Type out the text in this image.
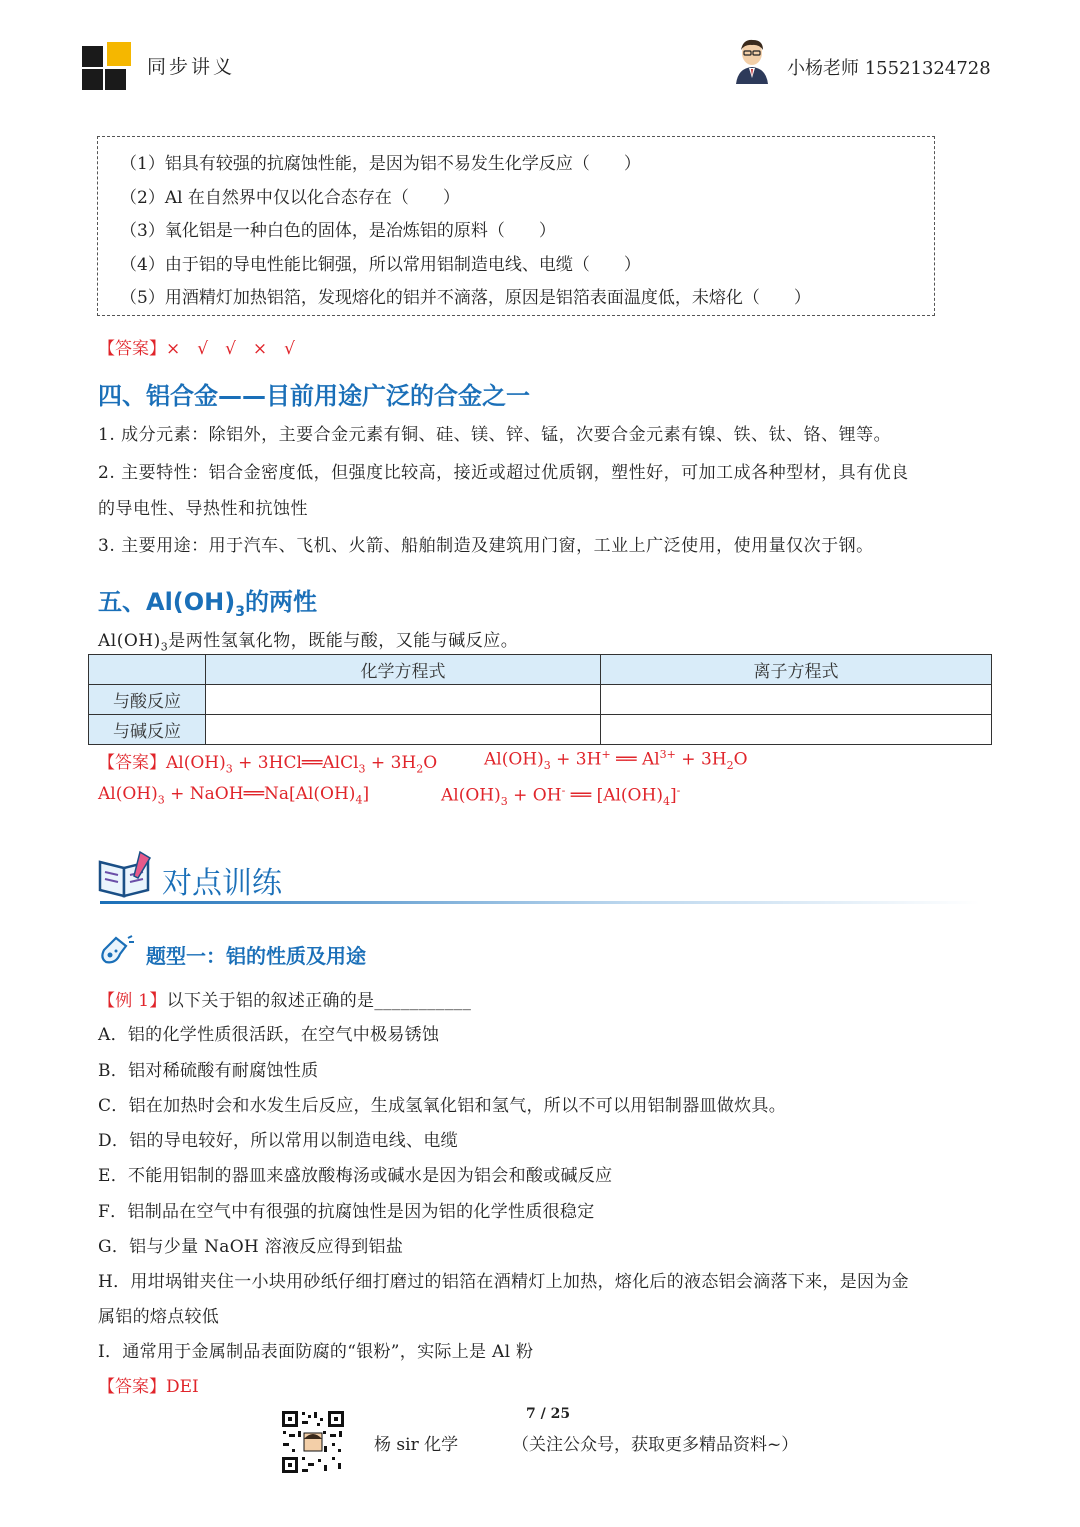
同步讲义	小杨老师 15521324728
（1）铝具有较强的抗腐蚀性能，是因为铝不易发生化学反应（　　）
（2）Al 在自然界中仅以化合态存在（　　）
（3）氧化铝是一种白色的固体，是冶炼铝的原料（　　）
（4）由于铝的导电性能比铜强，所以常用铝制造电线、电缆（　　）
（5）用酒精灯加热铝箔，发现熔化的铝并不滴落，原因是铝箔表面温度低，未熔化（　　）
【答案】×　√　√　×　√
四、铝合金——目前用途广泛的合金之一
1. 成分元素：除铝外，主要合金元素有铜、硅、镁、锌、锰，次要合金元素有镍、铁、钛、铬、锂等。
2. 主要特性：铝合金密度低，但强度比较高，接近或超过优质钢，塑性好，可加工成各种型材，具有优良
的导电性、导热性和抗蚀性
3. 主要用途：用于汽车、飞机、火箭、船舶制造及建筑用门窗，工业上广泛使用，使用量仅次于钢。
五、$Al(OH)_3$的两性
$Al(OH)_3$是两性氢氧化物，既能与酸，又能与碱反应。
	化学方程式	离子方程式
与酸反应		
与碱反应		
【答案】$Al(OH)_3$ + 3HCl══AlCl$_3$ + $3H_2O$	$Al(OH)_3 + 3H^+$ ══ $Al^{3+} + 3H_2O$
$Al(OH)_3$ + $NaOH══Na[Al(OH)_4]$	$Al(OH)_3 + OH^-$ ══ $[Al(OH)_4]^-$
对点训练
题型一：铝的性质及用途
【例 1】以下关于铝的叙述正确的是___________
A．铝的化学性质很活跃，在空气中极易锈蚀
B．铝对稀硫酸有耐腐蚀性质
C．铝在加热时会和水发生后反应，生成氢氧化铝和氢气，所以不可以用铝制器皿做炊具。
D．铝的导电较好，所以常用以制造电线、电缆
E．不能用铝制的器皿来盛放酸梅汤或碱水是因为铝会和酸或碱反应
F．铝制品在空气中有很强的抗腐蚀性是因为铝的化学性质很稳定
G．铝与少量 NaOH 溶液反应得到铝盐
H．用坩埚钳夹住一小块用砂纸仔细打磨过的铝箔在酒精灯上加热，熔化后的液态铝会滴落下来，是因为金
属铝的熔点较低
I．通常用于金属制品表面防腐的“银粉”，实际上是 Al 粉
【答案】DEI
7 / 25
杨 sir 化学	（关注公众号，获取更多精品资料~）
